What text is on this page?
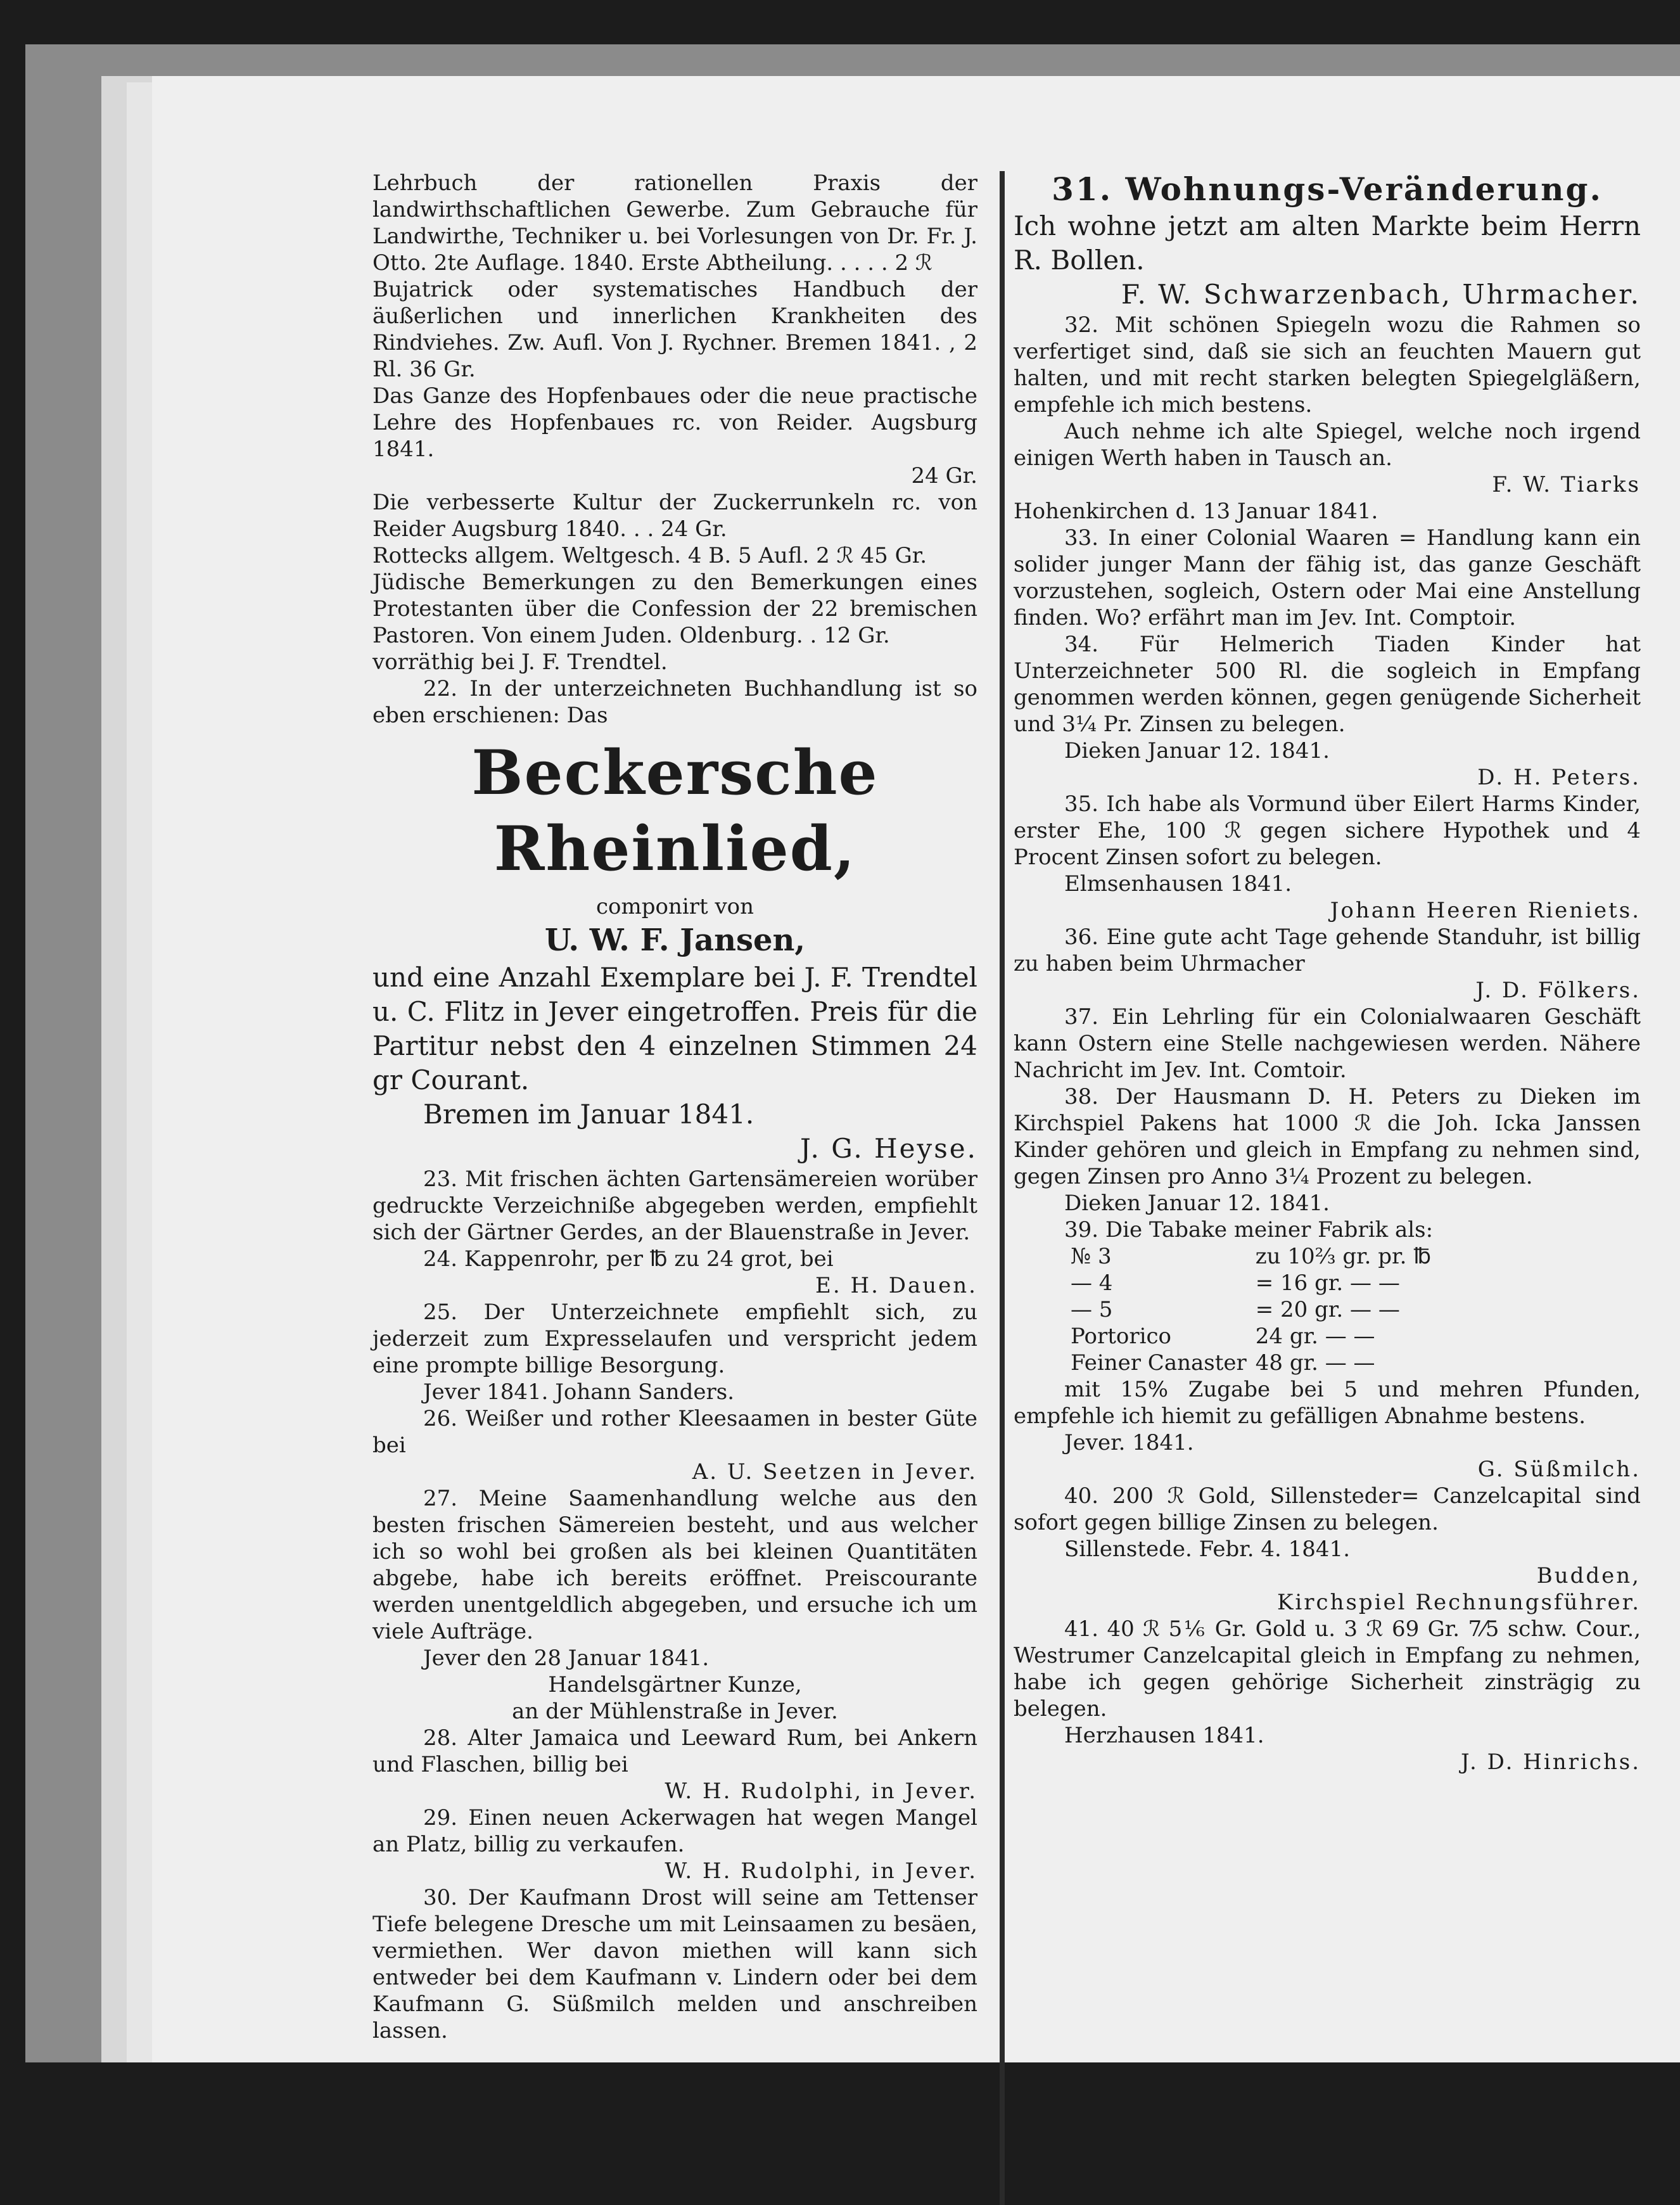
Lehrbuch der rationellen Praxis der landwirthschaftlichen Gewerbe. Zum Gebrauche für Landwirthe, Techniker u. bei Vorlesungen von Dr. Fr. J. Otto. 2te Auflage. 1840. Erste Abtheilung. . . . . 2 ℛ

Bujatrick oder systematisches Handbuch der äußerlichen und innerlichen Krankheiten des Rindviehes. Zw. Aufl. Von J. Rychner. Bremen 1841. , 2 Rl. 36 Gr.

Das Ganze des Hopfenbaues oder die neue practische Lehre des Hopfenbaues rc. von Reider. Augsburg 1841.

24 Gr.

Die verbesserte Kultur der Zuckerrunkeln rc. von Reider Augsburg 1840. . . 24 Gr.

Rottecks allgem. Weltgesch. 4 B. 5 Aufl. 2 ℛ 45 Gr.

Jüdische Bemerkungen zu den Bemerkungen eines Protestanten über die Confession der 22 bremischen Pastoren. Von einem Juden. Oldenburg. . 12 Gr.

vorräthig bei J. F. Trendtel.

22. In der unterzeichneten Buchhandlung ist so eben erschienen: Das

Beckersche Rheinlied,

componirt von

U. W. F. Jansen,

und eine Anzahl Exemplare bei J. F. Trendtel u. C. Flitz in Jever eingetroffen. Preis für die Partitur nebst den 4 einzelnen Stimmen 24 gr Courant.

Bremen im Januar 1841.

J. G. Heyse.

23. Mit frischen ächten Gartensämereien worüber gedruckte Verzeichniße abgegeben werden, empfiehlt sich der Gärtner Gerdes, an der Blauenstraße in Jever.

24. Kappenrohr, per ℔ zu 24 grot, bei

E. H. Dauen.

25. Der Unterzeichnete empfiehlt sich, zu jederzeit zum Expresselaufen und verspricht jedem eine prompte billige Besorgung.

Jever 1841. Johann Sanders.

26. Weißer und rother Kleesaamen in bester Güte bei

A. U. Seetzen in Jever.

27. Meine Saamenhandlung welche aus den besten frischen Sämereien besteht, und aus welcher ich so wohl bei großen als bei kleinen Quantitäten abgebe, habe ich bereits eröffnet. Preiscourante werden unentgeldlich abgegeben, und ersuche ich um viele Aufträge.

Jever den 28 Januar 1841.

Handelsgärtner Kunze,

an der Mühlenstraße in Jever.

28. Alter Jamaica und Leeward Rum, bei Ankern und Flaschen, billig bei

W. H. Rudolphi, in Jever.

29. Einen neuen Ackerwagen hat wegen Mangel an Platz, billig zu verkaufen.

W. H. Rudolphi, in Jever.

30. Der Kaufmann Drost will seine am Tettenser Tiefe belegene Dresche um mit Leinsaamen zu besäen, vermiethen. Wer davon miethen will kann sich entweder bei dem Kaufmann v. Lindern oder bei dem Kaufmann G. Süßmilch melden und anschreiben lassen.

31. Wohnungs-Veränderung.

Ich wohne jetzt am alten Markte beim Herrn R. Bollen.

F. W. Schwarzenbach, Uhrmacher.

32. Mit schönen Spiegeln wozu die Rahmen so verfertiget sind, daß sie sich an feuchten Mauern gut halten, und mit recht starken belegten Spiegelgläßern, empfehle ich mich bestens.

Auch nehme ich alte Spiegel, welche noch irgend einigen Werth haben in Tausch an.

F. W. Tiarks

Hohenkirchen d. 13 Januar 1841.

33. In einer Colonial Waaren = Handlung kann ein solider junger Mann der fähig ist, das ganze Geschäft vorzustehen, sogleich, Ostern oder Mai eine Anstellung finden. Wo? erfährt man im Jev. Int. Comptoir.

34. Für Helmerich Tiaden Kinder hat Unterzeichneter 500 Rl. die sogleich in Empfang genommen werden können, gegen genügende Sicherheit und 3¼ Pr. Zinsen zu belegen.

Dieken Januar 12. 1841.

D. H. Peters.

35. Ich habe als Vormund über Eilert Harms Kinder, erster Ehe, 100 ℛ gegen sichere Hypothek und 4 Procent Zinsen sofort zu belegen.

Elmsenhausen 1841.

Johann Heeren Rieniets.

36. Eine gute acht Tage gehende Standuhr, ist billig zu haben beim Uhrmacher

J. D. Fölkers.

37. Ein Lehrling für ein Colonialwaaren Geschäft kann Ostern eine Stelle nachgewiesen werden. Nähere Nachricht im Jev. Int. Comtoir.

38. Der Hausmann D. H. Peters zu Dieken im Kirchspiel Pakens hat 1000 ℛ die Joh. Icka Janssen Kinder gehören und gleich in Empfang zu nehmen sind, gegen Zinsen pro Anno 3¼ Prozent zu belegen.

Dieken Januar 12. 1841.

39. Die Tabake meiner Fabrik als:

№ 3	zu 10⅔ gr. pr. ℔
— 4	= 16 gr. — —
— 5	= 20 gr. — —
Portorico	24 gr. — —
Feiner Canaster	48 gr. — —

mit 15% Zugabe bei 5 und mehren Pfunden, empfehle ich hiemit zu gefälligen Abnahme bestens.

Jever. 1841.

G. Süßmilch.

40. 200 ℛ Gold, Sillensteder= Canzelcapital sind sofort gegen billige Zinsen zu belegen.

Sillenstede. Febr. 4. 1841.

Budden,

Kirchspiel Rechnungsführer.

41. 40 ℛ 5⅙ Gr. Gold u. 3 ℛ 69 Gr. 7⁄5 schw. Cour., Westrumer Canzelcapital gleich in Empfang zu nehmen, habe ich gegen gehörige Sicherheit zinsträgig zu belegen.

Herzhausen 1841.

J. D. Hinrichs.
